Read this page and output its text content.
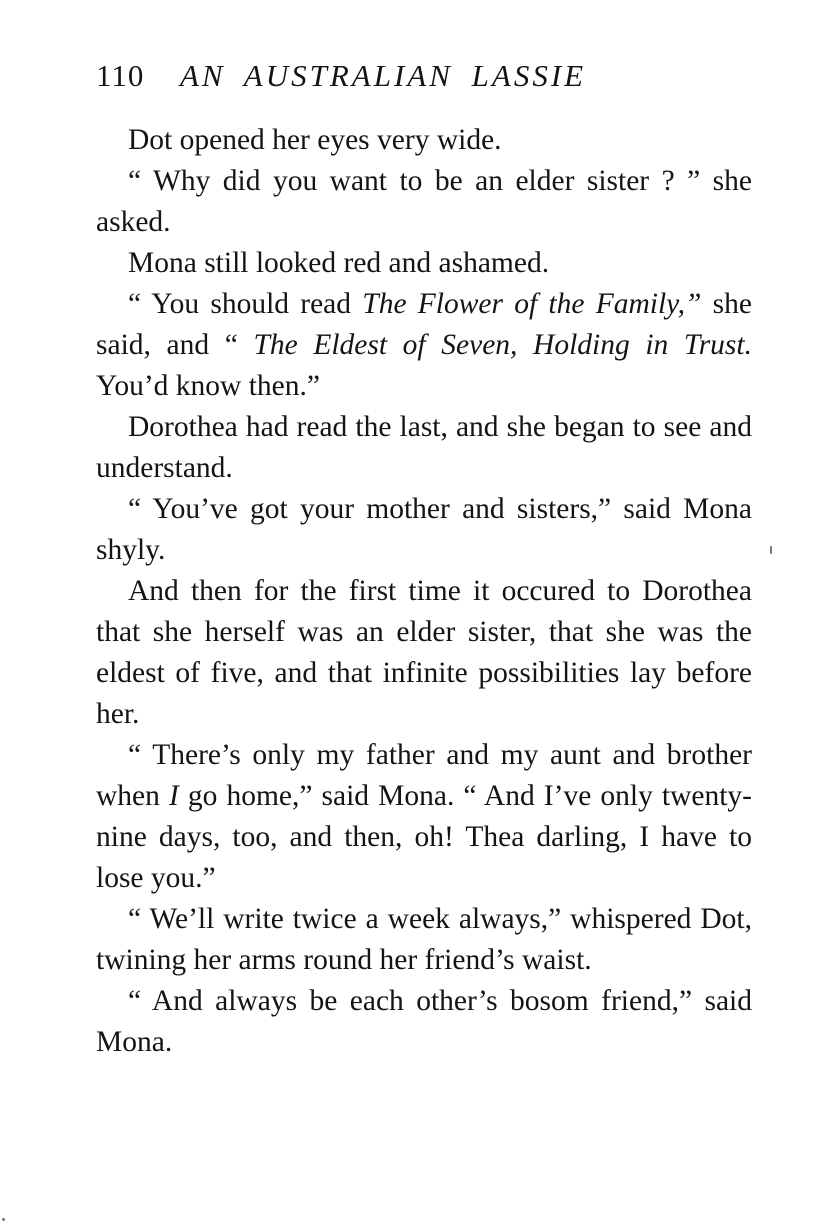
110 AN AUSTRALIAN LASSIE

Dot opened her eyes very wide.

“ Why did you want to be an elder sister ? ” she asked.

Mona still looked red and ashamed.

“ You should read The Flower of the Family,” she said, and “ The Eldest of Seven, Holding in Trust. You’d know then.”

Dorothea had read the last, and she began to see and understand.

“ You’ve got your mother and sisters,” said Mona shyly.

And then for the first time it occured to Dorothea that she herself was an elder sister, that she was the eldest of five, and that infinite possibilities lay before her.

“ There’s only my father and my aunt and brother when I go home,” said Mona. “ And I’ve only twenty-nine days, too, and then, oh! Thea darling, I have to lose you.”

“ We’ll write twice a week always,” whispered Dot, twining her arms round her friend’s waist.

“ And always be each other’s bosom friend,” said Mona.
